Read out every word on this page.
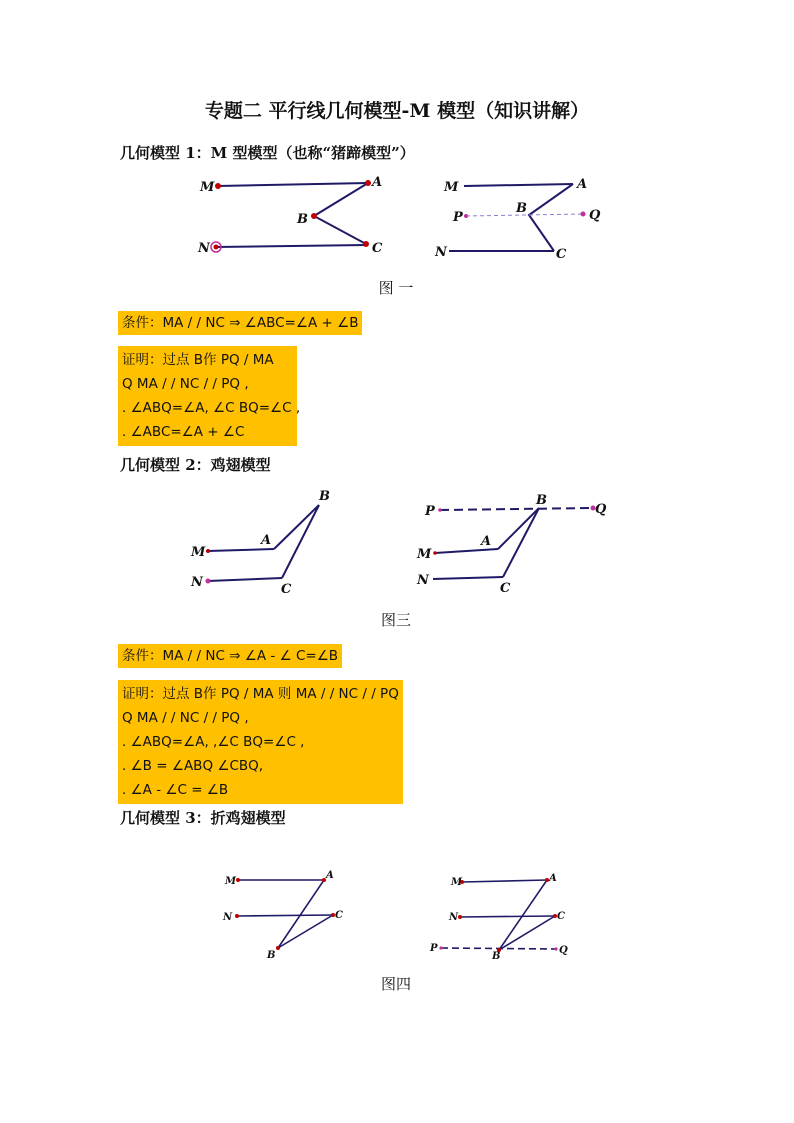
专题二 平行线几何模型-M 模型（知识讲解）
几何模型 1：M 型模型（也称“猪蹄模型”）
M	A
B
N	C
M	A
B
P	Q
N	C
图 一
条件：MA / / NC ⇒ ∠ABC=∠A + ∠B
证明：过点 B作 PQ / MA
Q MA / / NC / / PQ ,
. ∠ABQ=∠A, ∠C BQ=∠C ,
. ∠ABC=∠A + ∠C
几何模型 2：鸡翅模型
M
A
B
N	C
P
B
Q
M
A
N
C
图三
条件：MA / / NC ⇒ ∠A - ∠ C=∠B
证明：过点 B作 PQ / MA 则 MA / / NC / / PQ
Q MA / / NC / / PQ ,
. ∠ABQ=∠A, ,∠C BQ=∠C ,
. ∠B = ∠ABQ ∠CBQ,
. ∠A - ∠C = ∠B
几何模型 3：折鸡翅模型
M
A
N	C
B
M	A
N	C
P
B
Q
图四
